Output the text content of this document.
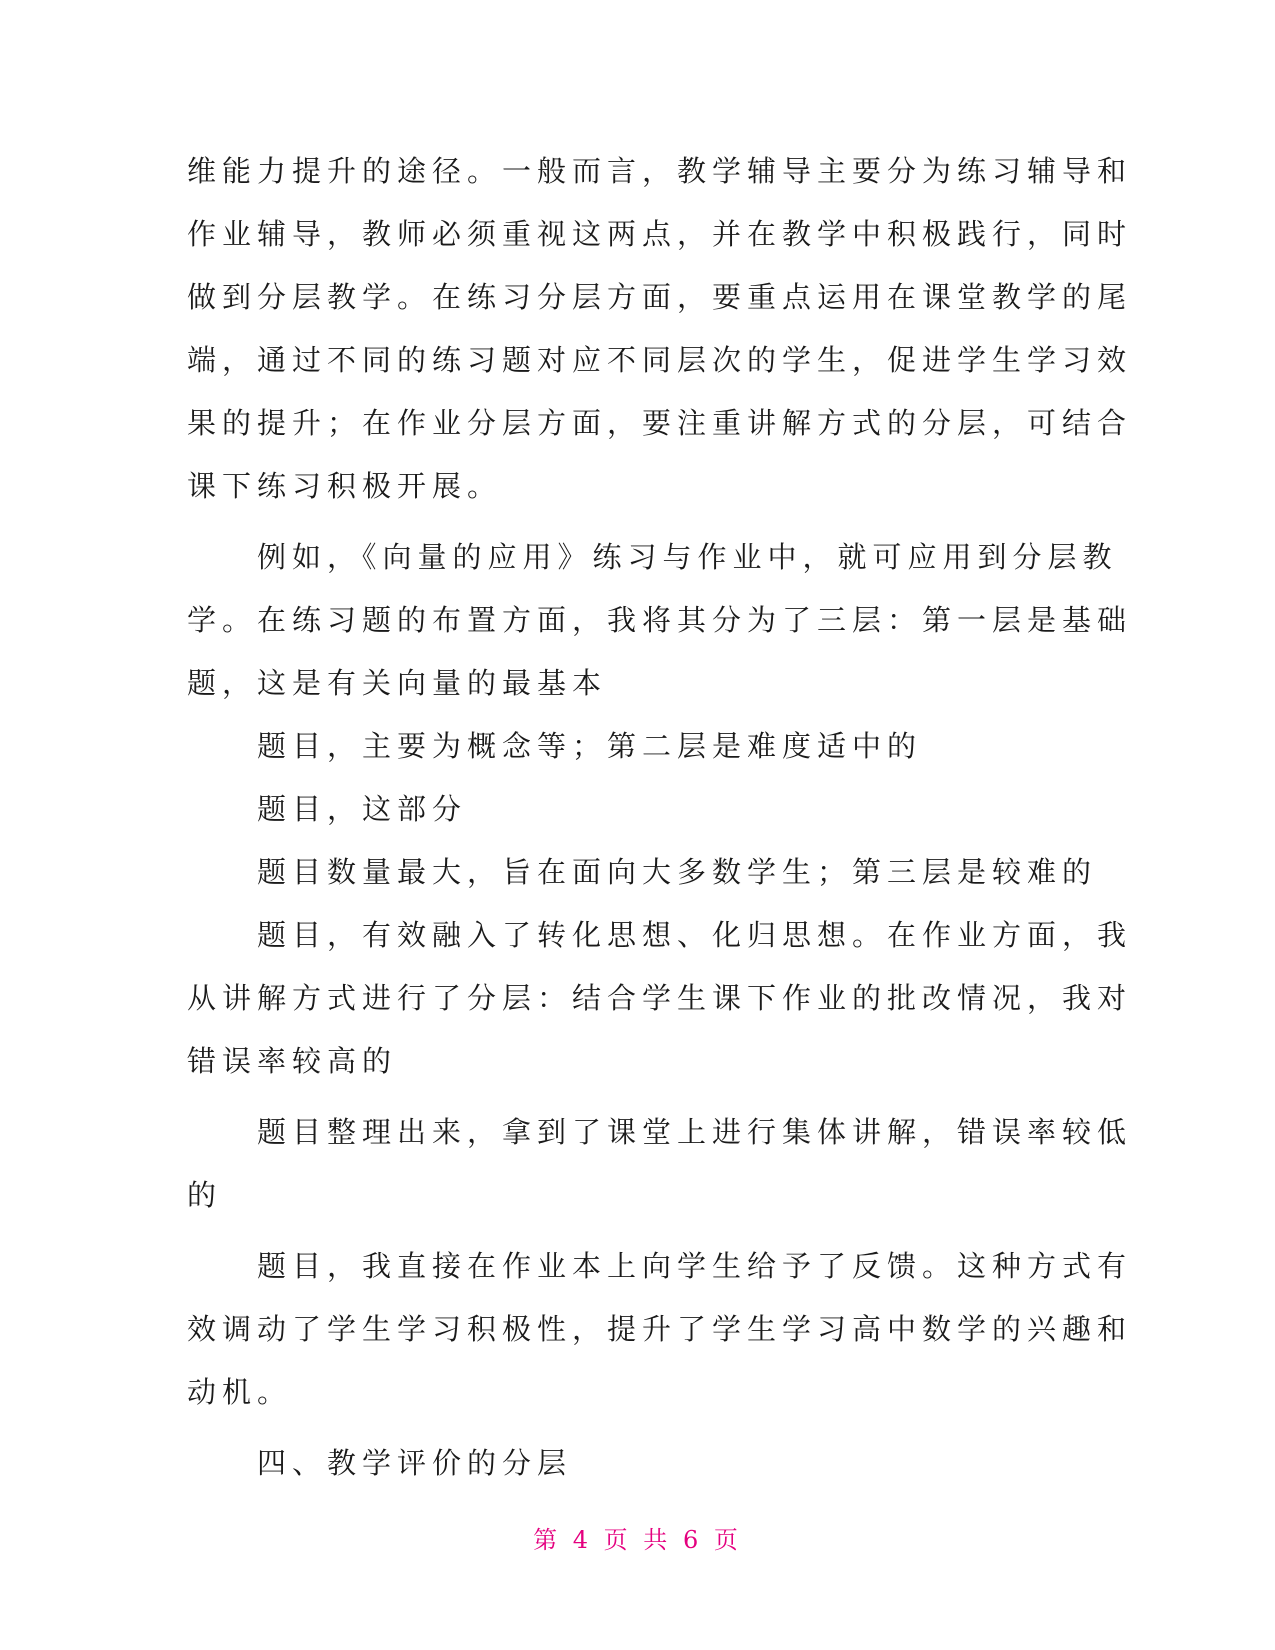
维能力提升的途径。一般而言，教学辅导主要分为练习辅导和

作业辅导，教师必须重视这两点，并在教学中积极践行，同时

做到分层教学。在练习分层方面，要重点运用在课堂教学的尾

端，通过不同的练习题对应不同层次的学生，促进学生学习效

果的提升；在作业分层方面，要注重讲解方式的分层，可结合

课下练习积极开展。

　　例如，《向量的应用》练习与作业中，就可应用到分层教

学。在练习题的布置方面，我将其分为了三层：第一层是基础

题，这是有关向量的最基本

　　题目，主要为概念等；第二层是难度适中的

　　题目，这部分

　　题目数量最大，旨在面向大多数学生；第三层是较难的

　　题目，有效融入了转化思想、化归思想。在作业方面，我

从讲解方式进行了分层：结合学生课下作业的批改情况，我对

错误率较高的

　　题目整理出来，拿到了课堂上进行集体讲解，错误率较低

的

　　题目，我直接在作业本上向学生给予了反馈。这种方式有

效调动了学生学习积极性，提升了学生学习高中数学的兴趣和

动机。

　　四、教学评价的分层

第 4 页 共 6 页
